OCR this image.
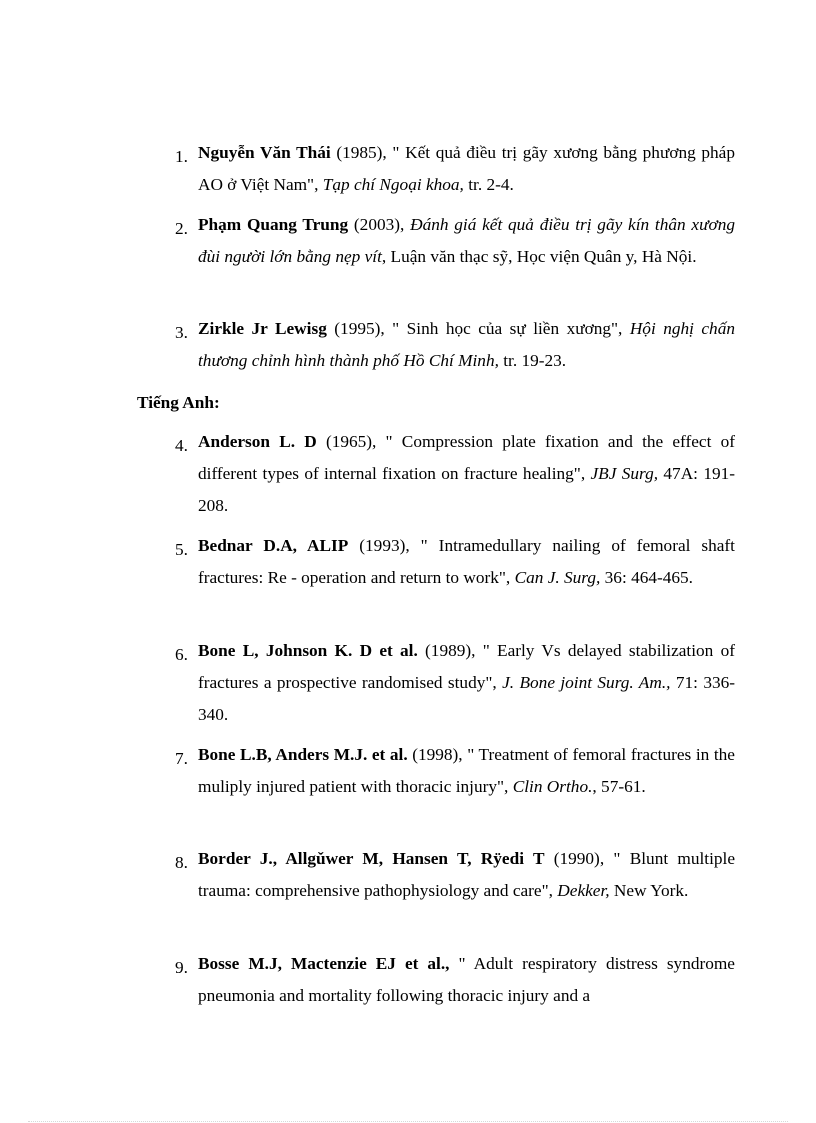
1. Nguyễn Văn Thái (1985), " Kết quả điều trị gãy xương bằng phương pháp AO ở Việt Nam", Tạp chí Ngoại khoa, tr. 2-4.
2. Phạm Quang Trung (2003), Đánh giá kết quả điều trị gãy kín thân xương đùi người lớn bằng nẹp vít, Luận văn thạc sỹ, Học viện Quân y, Hà Nội.
3. Zirkle Jr Lewisg (1995), " Sinh học của sự liền xương", Hội nghị chấn thương chỉnh hình thành phố Hồ Chí Minh, tr. 19-23.
Tiếng Anh:
4. Anderson L. D (1965), " Compression plate fixation and the effect of different types of internal fixation on fracture healing", JBJ Surg, 47A: 191-208.
5. Bednar D.A, ALIP (1993), " Intramedullary nailing of femoral shaft fractures: Re - operation and return to work", Can J. Surg, 36: 464-465.
6. Bone L, Johnson K. D et al. (1989), " Early Vs delayed stabilization of fractures a prospective randomised study", J. Bone joint Surg. Am., 71: 336-340.
7. Bone L.B, Anders M.J. et al. (1998), " Treatment of femoral fractures in the muliply injured patient with thoracic injury", Clin Ortho., 57-61.
8. Border J., Allgǔwer M, Hansen T, Rÿedi T (1990), " Blunt multiple trauma: comprehensive pathophysiology and care", Dekker, New York.
9. Bosse M.J, Mactenzie EJ et al., " Adult respiratory distress syndrome pneumonia and mortality following thoracic injury and a
